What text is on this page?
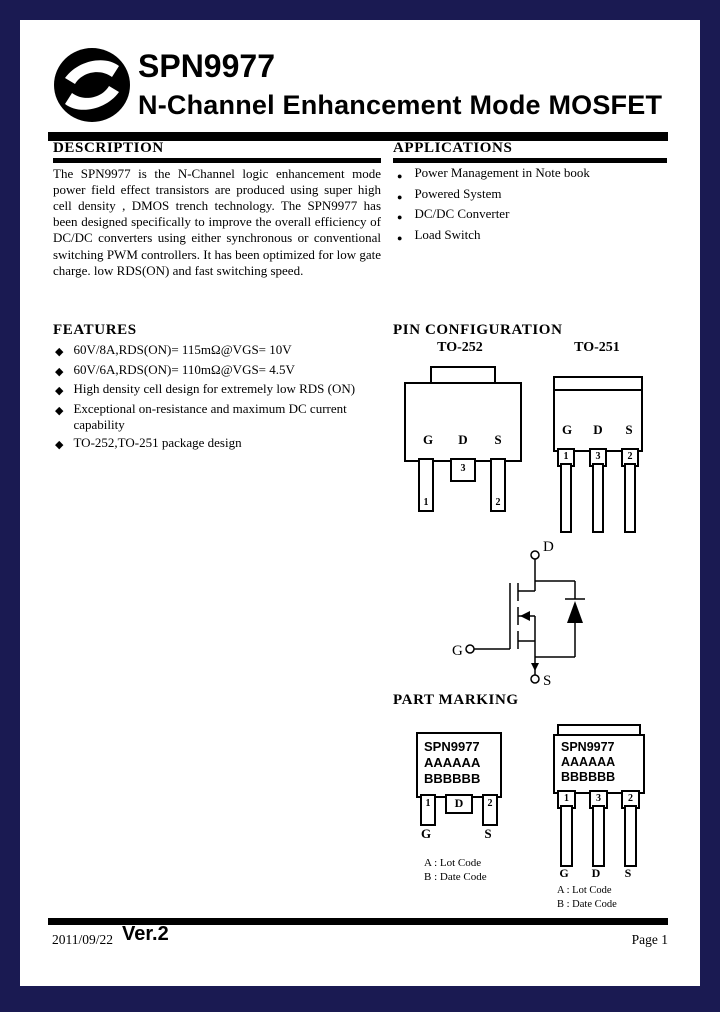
SPN9977
N-Channel Enhancement Mode MOSFET
DESCRIPTION

The SPN9977 is the N-Channel logic enhancement mode power field effect transistors are produced using super high cell density , DMOS trench technology. The SPN9977 has been designed specifically to improve the overall efficiency of DC/DC converters using either synchronous or conventional switching PWM controllers. It has been optimized for low gate charge. low RDS(ON) and fast switching speed.

APPLICATIONS
● Power Management in Note book
● Powered System
● DC/DC Converter
● Load Switch
FEATURES
◆ 60V/8A,RDS(ON)= 115mΩ@VGS= 10V
◆ 60V/6A,RDS(ON)= 110mΩ@VGS= 4.5V
◆ High density cell design for extremely low RDS (ON)
◆ Exceptional on-resistance and maximum DC current capability
◆ TO-252,TO-251 package design
PIN CONFIGURATION
TO-252	TO-251
G	D	S
3
1	2
G	D	S
1	3	2
D
G
S
PART MARKING
SPN9977
AAAAAA
BBBBBB
D
1	2
G	S
A : Lot Code
B : Date Code
SPN9977
AAAAAA
BBBBBB
1	3	2
G	D	S
A : Lot Code
B : Date Code
2011/09/22 Ver.2	Page 1
